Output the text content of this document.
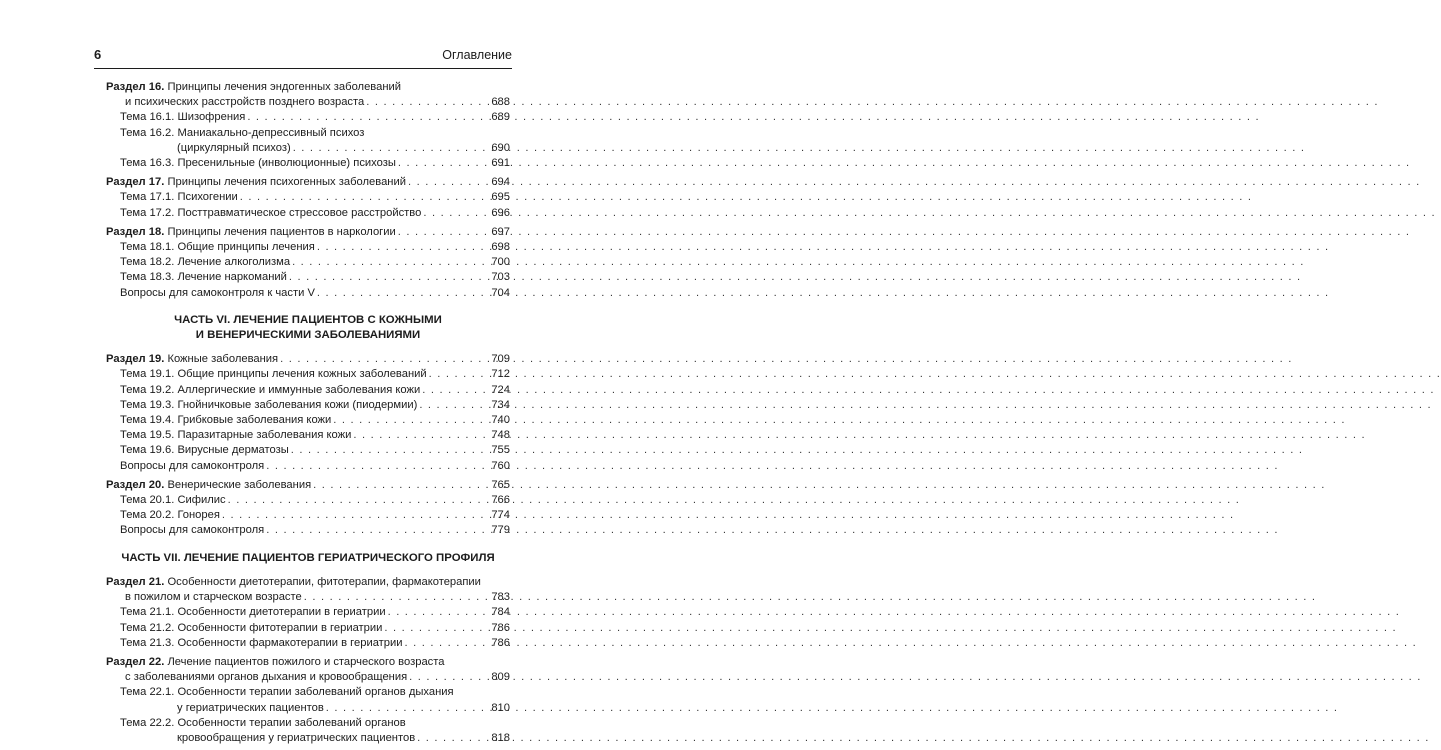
6	Оглавление
Раздел 16. Принципы лечения эндогенных заболеваний
и психических расстройств позднего возраста . . .	688
Тема 16.1. Шизофрения . . .	689
Тема 16.2. Маниакально-депрессивный психоз
(циркулярный психоз) . . .	690
Тема 16.3. Пресенильные (инволюционные) психозы . . .	691
Раздел 17. Принципы лечения психогенных заболеваний . . .	694
Тема 17.1. Психогении . . .	695
Тема 17.2. Посттравматическое стрессовое расстройство . . .	696
Раздел 18. Принципы лечения пациентов в наркологии . . .	697
Тема 18.1. Общие принципы лечения . . .	698
Тема 18.2. Лечение алкоголизма . . .	700
Тема 18.3. Лечение наркоманий . . .	703
Вопросы для самоконтроля к части V . . .	704
ЧАСТЬ VI. ЛЕЧЕНИЕ ПАЦИЕНТОВ С КОЖНЫМИ
И ВЕНЕРИЧЕСКИМИ ЗАБОЛЕВАНИЯМИ
Раздел 19. Кожные заболевания . . .	709
Тема 19.1. Общие принципы лечения кожных заболеваний . . .	712
Тема 19.2. Аллергические и иммунные заболевания кожи . . .	724
Тема 19.3. Гнойничковые заболевания кожи (пиодермии) . . .	734
Тема 19.4. Грибковые заболевания кожи . . .	740
Тема 19.5. Паразитарные заболевания кожи . . .	748
Тема 19.6. Вирусные дерматозы . . .	755
Вопросы для самоконтроля . . .	760
Раздел 20. Венерические заболевания . . .	765
Тема 20.1. Сифилис . . .	766
Тема 20.2. Гонорея . . .	774
Вопросы для самоконтроля . . .	779
ЧАСТЬ VII. ЛЕЧЕНИЕ ПАЦИЕНТОВ ГЕРИАТРИЧЕСКОГО ПРОФИЛЯ
Раздел 21. Особенности диетотерапии, фитотерапии, фармакотерапии
в пожилом и старческом возрасте . . .	783
Тема 21.1. Особенности диетотерапии в гериатрии . . .	784
Тема 21.2. Особенности фитотерапии в гериатрии . . .	786
Тема 21.3. Особенности фармакотерапии в гериатрии . . .	786
Раздел 22. Лечение пациентов пожилого и старческого возраста
с заболеваниями органов дыхания и кровообращения . . .	809
Тема 22.1. Особенности терапии заболеваний органов дыхания
у гериатрических пациентов . . .	810
Тема 22.2. Особенности терапии заболеваний органов
кровообращения у гериатрических пациентов . . .	818
